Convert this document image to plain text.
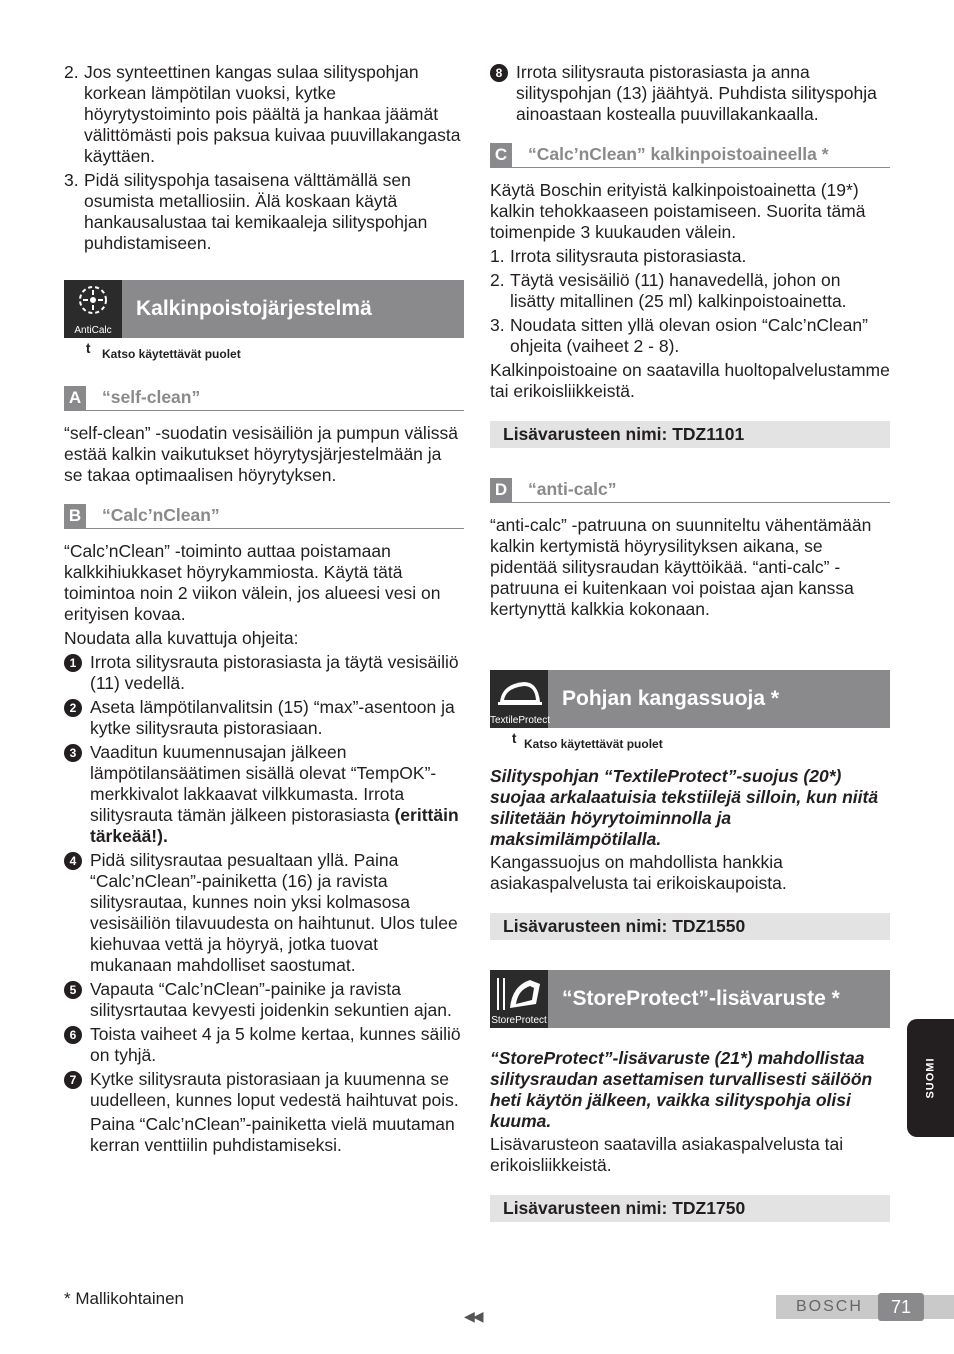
2. Jos synteettinen kangas sulaa silityspohjan korkean lämpötilan vuoksi, kytke höyrytystoiminto pois päältä ja hankaa jäämät välittömästi pois paksua kuivaa puuvillakangasta käyttäen.
3. Pidä silityspohja tasaisena välttämällä sen osumista metalliosiin. Älä koskaan käytä hankausalustaa tai kemikaaleja silityspohjan puhdistamiseen.
AntiCalc
Kalkinpoistojärjestelmä
ᵗ Katso käytettävät puolet
A “self-clean”

“self-clean” -suodatin vesisäiliön ja pumpun välissä estää kalkin vaikutukset höyrytysjärjestelmään ja se takaa optimaalisen höyrytyksen.

B “Calc’nClean”

“Calc’nClean” -toiminto auttaa poistamaan kalkkihiukkaset höyrykammiosta. Käytä tätä toimintoa noin 2 viikon välein, jos alueesi vesi on erityisen kovaa.

Noudata alla kuvattuja ohjeita:

1 Irrota silitysrauta pistorasiasta ja täytä vesisäiliö (11) vedellä.
2 Aseta lämpötilanvalitsin (15) “max”-asentoon ja kytke silitysrauta pistorasiaan.
3 Vaaditun kuumennusajan jälkeen lämpötilansäätimen sisällä olevat “TempOK”-merkkivalot lakkaavat vilkkumasta. Irrota silitysrauta tämän jälkeen pistorasiasta (erittäin tärkeää!).
4 Pidä silitysrautaa pesualtaan yllä. Paina “Calc’nClean”-painiketta (16) ja ravista silitysrautaa, kunnes noin yksi kolmasosa vesisäiliön tilavuudesta on haihtunut. Ulos tulee kiehuvaa vettä ja höyryä, jotka tuovat mukanaan mahdolliset saostumat.
5 Vapauta “Calc’nClean”-painike ja ravista silitysrtautaa kevyesti joidenkin sekuntien ajan.
6 Toista vaiheet 4 ja 5 kolme kertaa, kunnes säiliö on tyhjä.
7 Kytke silitysrauta pistorasiaan ja kuumenna se uudelleen, kunnes loput vedestä haihtuvat pois.

Paina “Calc’nClean”-painiketta vielä muutaman kerran venttiilin puhdistamiseksi.

8 Irrota silitysrauta pistorasiasta ja anna silityspohjan (13) jäähtyä. Puhdista silityspohja ainoastaan kostealla puuvillakankaalla.
C “Calc’nClean” kalkinpoistoaineella *

Käytä Boschin erityistä kalkinpoistoainetta (19*) kalkin tehokkaaseen poistamiseen. Suorita tämä toimenpide 3 kuukauden välein.

1. Irrota silitysrauta pistorasiasta.
2. Täytä vesisäiliö (11) hanavedellä, johon on lisätty mitallinen (25 ml) kalkinpoistoainetta.
3. Noudata sitten yllä olevan osion “Calc’nClean” ohjeita (vaiheet 2 - 8).

Kalkinpoistoaine on saatavilla huoltopalvelustamme tai erikoisliikkeistä.

Lisävarusteen nimi: TDZ1101
D “anti-calc”

“anti-calc” -patruuna on suunniteltu vähentämään kalkin kertymistä höyrysilityksen aikana, se pidentää silitysraudan käyttöikää. “anti-calc” -patruuna ei kuitenkaan voi poistaa ajan kanssa kertynyttä kalkkia kokonaan.

TextileProtect
Pohjan kangassuoja *
ᵗ Katso käytettävät puolet

Silityspohjan “TextileProtect”-suojus (20*) suojaa arkalaatuisia tekstiilejä silloin, kun niitä silitetään höyrytoiminnolla ja maksimilämpötilalla.

Kangassuojus on mahdollista hankkia asiakaspalvelusta tai erikoiskaupoista.

Lisävarusteen nimi: TDZ1550
StoreProtect
“StoreProtect”-lisävaruste *

“StoreProtect”-lisävaruste (21*) mahdollistaa silitysraudan asettamisen turvallisesti säilöön heti käytön jälkeen, vaikka silityspohja olisi kuuma.

Lisävarusteon saatavilla asiakaspalvelusta tai erikoisliikkeistä.

Lisävarusteen nimi: TDZ1750
SUOMI
* Mallikohtainen
◀◀
BOSCH	71
